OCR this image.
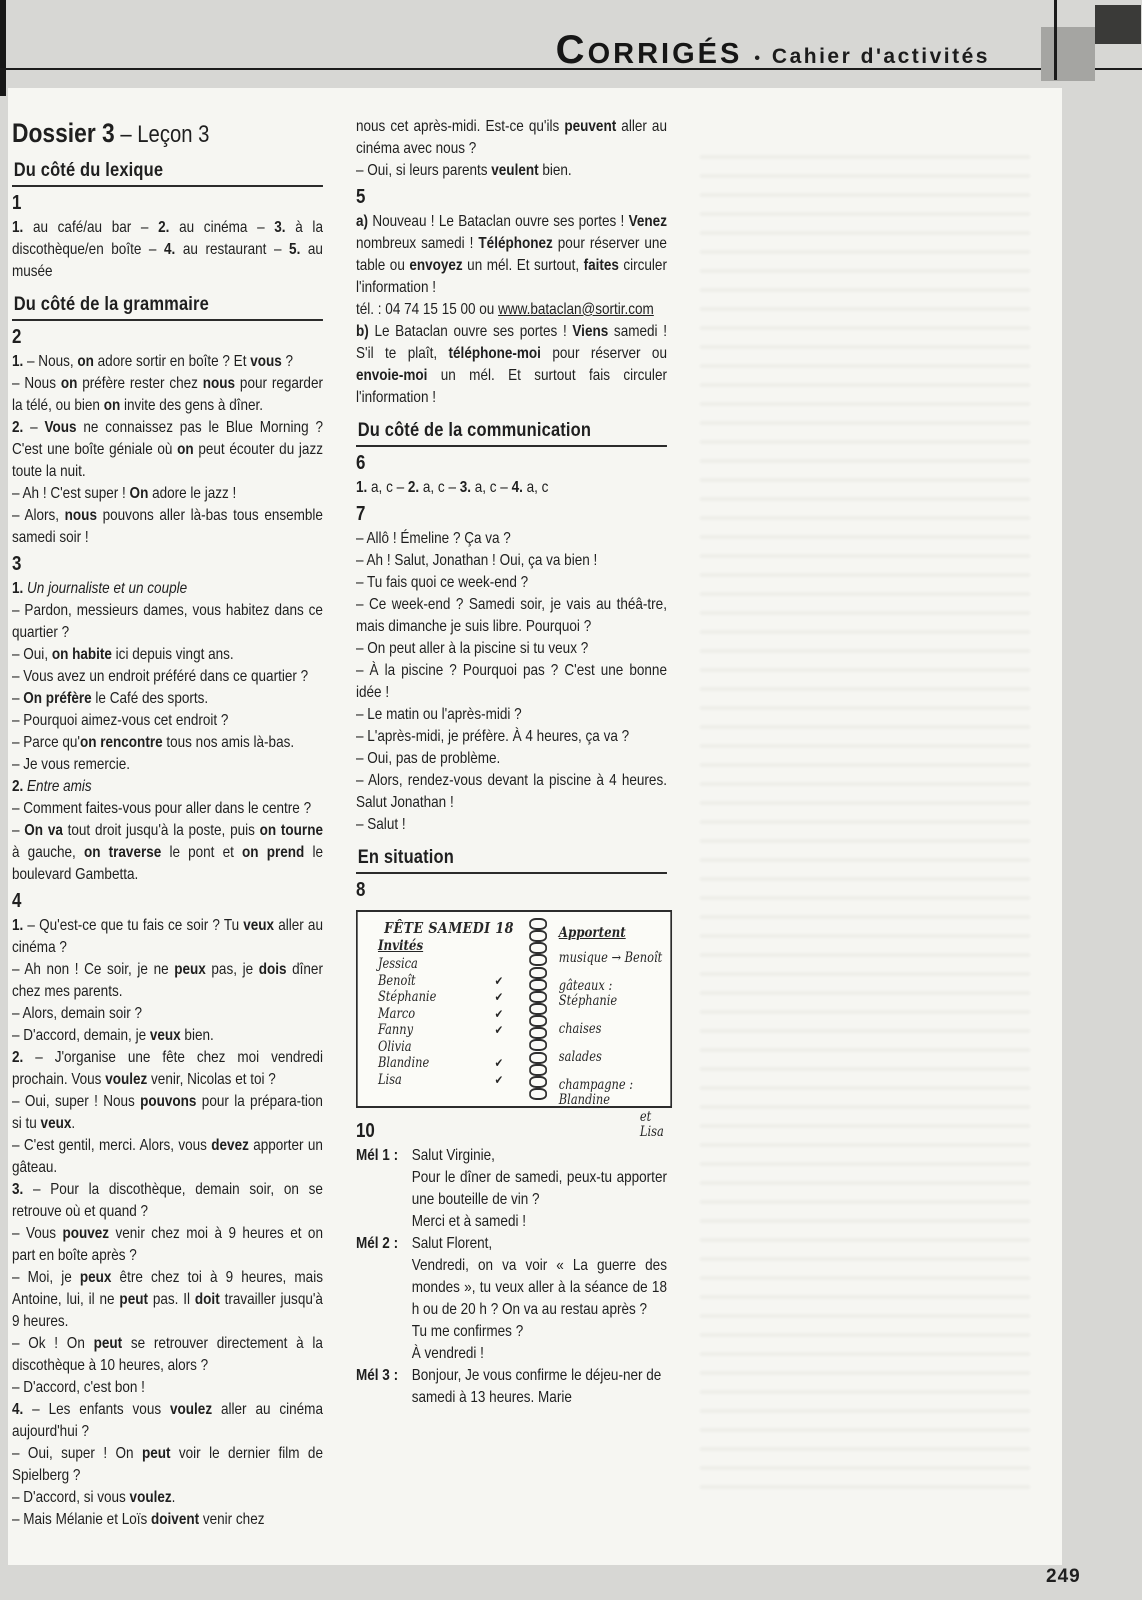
CORRIGÉS • Cahier d'activités
Dossier 3 – Leçon 3
Du côté du lexique
1

1. au café/au bar – 2. au cinéma – 3. à la discothèque/en boîte – 4. au restaurant – 5. au musée

Du côté de la grammaire
2

1. – Nous, on adore sortir en boîte ? Et vous ?

– Nous on préfère rester chez nous pour regarder la télé, ou bien on invite des gens à dîner.

2. – Vous ne connaissez pas le Blue Morning ? C'est une boîte géniale où on peut écouter du jazz toute la nuit.

– Ah ! C'est super ! On adore le jazz !

– Alors, nous pouvons aller là-bas tous ensemble samedi soir !

3

1. Un journaliste et un couple

– Pardon, messieurs dames, vous habitez dans ce quartier ?

– Oui, on habite ici depuis vingt ans.

– Vous avez un endroit préféré dans ce quartier ?

– On préfère le Café des sports.

– Pourquoi aimez-vous cet endroit ?

– Parce qu'on rencontre tous nos amis là-bas.

– Je vous remercie.

2. Entre amis

– Comment faites-vous pour aller dans le centre ?

– On va tout droit jusqu'à la poste, puis on tourne à gauche, on traverse le pont et on prend le boulevard Gambetta.

4

1. – Qu'est-ce que tu fais ce soir ? Tu veux aller au cinéma ?

– Ah non ! Ce soir, je ne peux pas, je dois dîner chez mes parents.

– Alors, demain soir ?

– D'accord, demain, je veux bien.

2. – J'organise une fête chez moi vendredi prochain. Vous voulez venir, Nicolas et toi ?

– Oui, super ! Nous pouvons pour la prépara-tion si tu veux.

– C'est gentil, merci. Alors, vous devez apporter un gâteau.

3. – Pour la discothèque, demain soir, on se retrouve où et quand ?

– Vous pouvez venir chez moi à 9 heures et on part en boîte après ?

– Moi, je peux être chez toi à 9 heures, mais Antoine, lui, il ne peut pas. Il doit travailler jusqu'à 9 heures.

– Ok ! On peut se retrouver directement à la discothèque à 10 heures, alors ?

– D'accord, c'est bon !

4. – Les enfants vous voulez aller au cinéma aujourd'hui ?

– Oui, super ! On peut voir le dernier film de Spielberg ?

– D'accord, si vous voulez.

– Mais Mélanie et Loïs doivent venir chez

nous cet après-midi. Est-ce qu'ils peuvent aller au cinéma avec nous ?

– Oui, si leurs parents veulent bien.

5

a) Nouveau ! Le Bataclan ouvre ses portes ! Venez nombreux samedi ! Téléphonez pour réserver une table ou envoyez un mél. Et surtout, faites circuler l'information !

tél. : 04 74 15 15 00 ou www.bataclan@sortir.com

b) Le Bataclan ouvre ses portes ! Viens samedi ! S'il te plaît, téléphone-moi pour réserver ou envoie-moi un mél. Et surtout fais circuler l'information !

Du côté de la communication
6

1. a, c – 2. a, c – 3. a, c – 4. a, c

7

– Allô ! Émeline ? Ça va ?

– Ah ! Salut, Jonathan ! Oui, ça va bien !

– Tu fais quoi ce week-end ?

– Ce week-end ? Samedi soir, je vais au théâ-tre, mais dimanche je suis libre. Pourquoi ?

– On peut aller à la piscine si tu veux ?

– À la piscine ? Pourquoi pas ? C'est une bonne idée !

– Le matin ou l'après-midi ?

– L'après-midi, je préfère. À 4 heures, ça va ?

– Oui, pas de problème.

– Alors, rendez-vous devant la piscine à 4 heures. Salut Jonathan !

– Salut !

En situation
8
FÊTE SAMEDI 18
Invités
Jessica
Benoît	✔
Stéphanie	✔
Marco	✔
Fanny	✔
Olivia
Blandine	✔
Lisa	✔
Apportent
musique → Benoît
gâteaux : Stéphanie
chaises
salades
champagne : Blandine
et Lisa
10
Mél 1 : Salut Virginie,

Pour le dîner de samedi, peux-tu apporter une bouteille de vin ?

Merci et à samedi !

Mél 2 : Salut Florent,

Vendredi, on va voir « La guerre des mondes », tu veux aller à la séance de 18 h ou de 20 h ? On va au restau après ?

Tu me confirmes ?

À vendredi !

Mél 3 : Bonjour, Je vous confirme le déjeu-ner de samedi à 13 heures. Marie

249
